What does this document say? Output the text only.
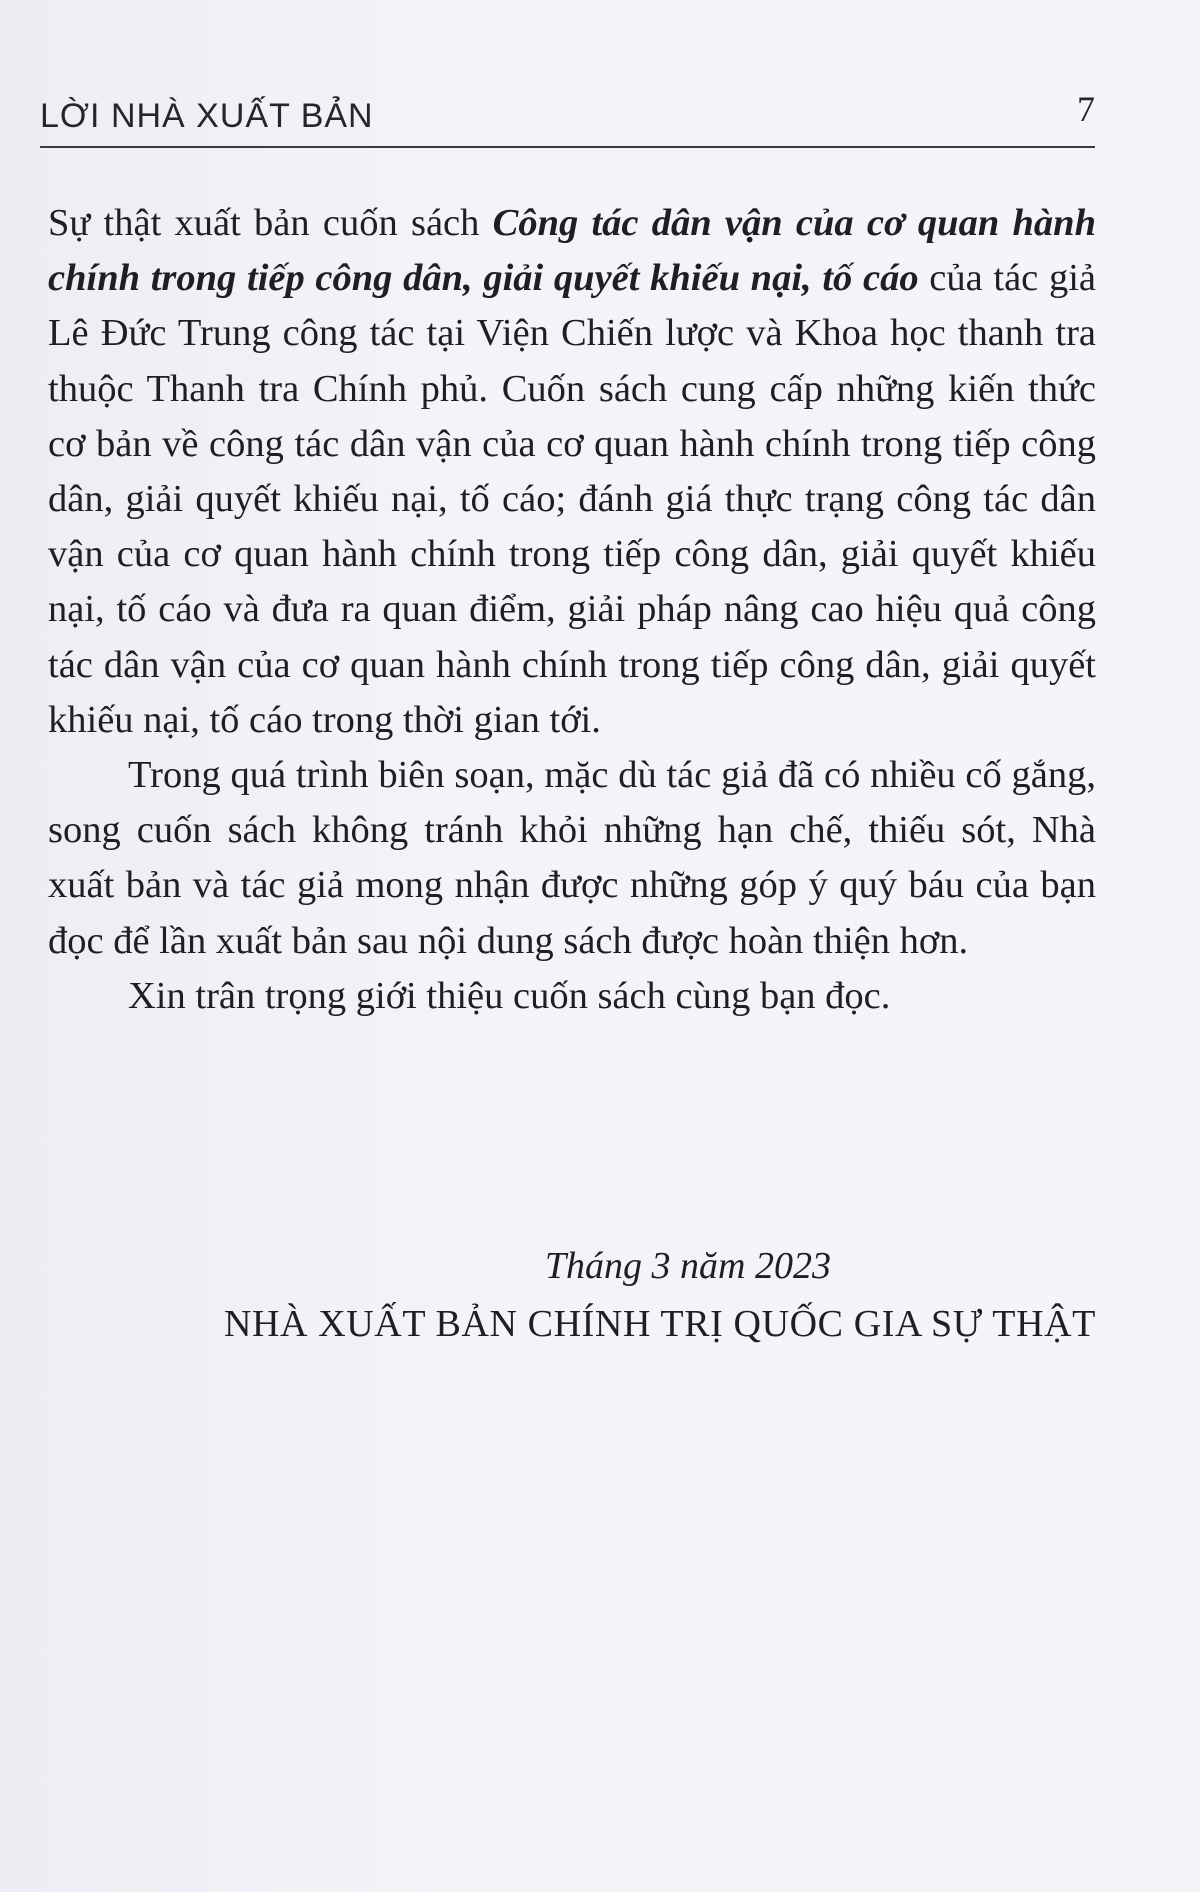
LỜI NHÀ XUẤT BẢN	7

Sự thật xuất bản cuốn sách Công tác dân vận của cơ quan hành chính trong tiếp công dân, giải quyết khiếu nại, tố cáo của tác giả Lê Đức Trung công tác tại Viện Chiến lược và Khoa học thanh tra thuộc Thanh tra Chính phủ. Cuốn sách cung cấp những kiến thức cơ bản về công tác dân vận của cơ quan hành chính trong tiếp công dân, giải quyết khiếu nại, tố cáo; đánh giá thực trạng công tác dân vận của cơ quan hành chính trong tiếp công dân, giải quyết khiếu nại, tố cáo và đưa ra quan điểm, giải pháp nâng cao hiệu quả công tác dân vận của cơ quan hành chính trong tiếp công dân, giải quyết khiếu nại, tố cáo trong thời gian tới.

Trong quá trình biên soạn, mặc dù tác giả đã có nhiều cố gắng, song cuốn sách không tránh khỏi những hạn chế, thiếu sót, Nhà xuất bản và tác giả mong nhận được những góp ý quý báu của bạn đọc để lần xuất bản sau nội dung sách được hoàn thiện hơn.

Xin trân trọng giới thiệu cuốn sách cùng bạn đọc.

Tháng 3 năm 2023
NHÀ XUẤT BẢN CHÍNH TRỊ QUỐC GIA SỰ THẬT
